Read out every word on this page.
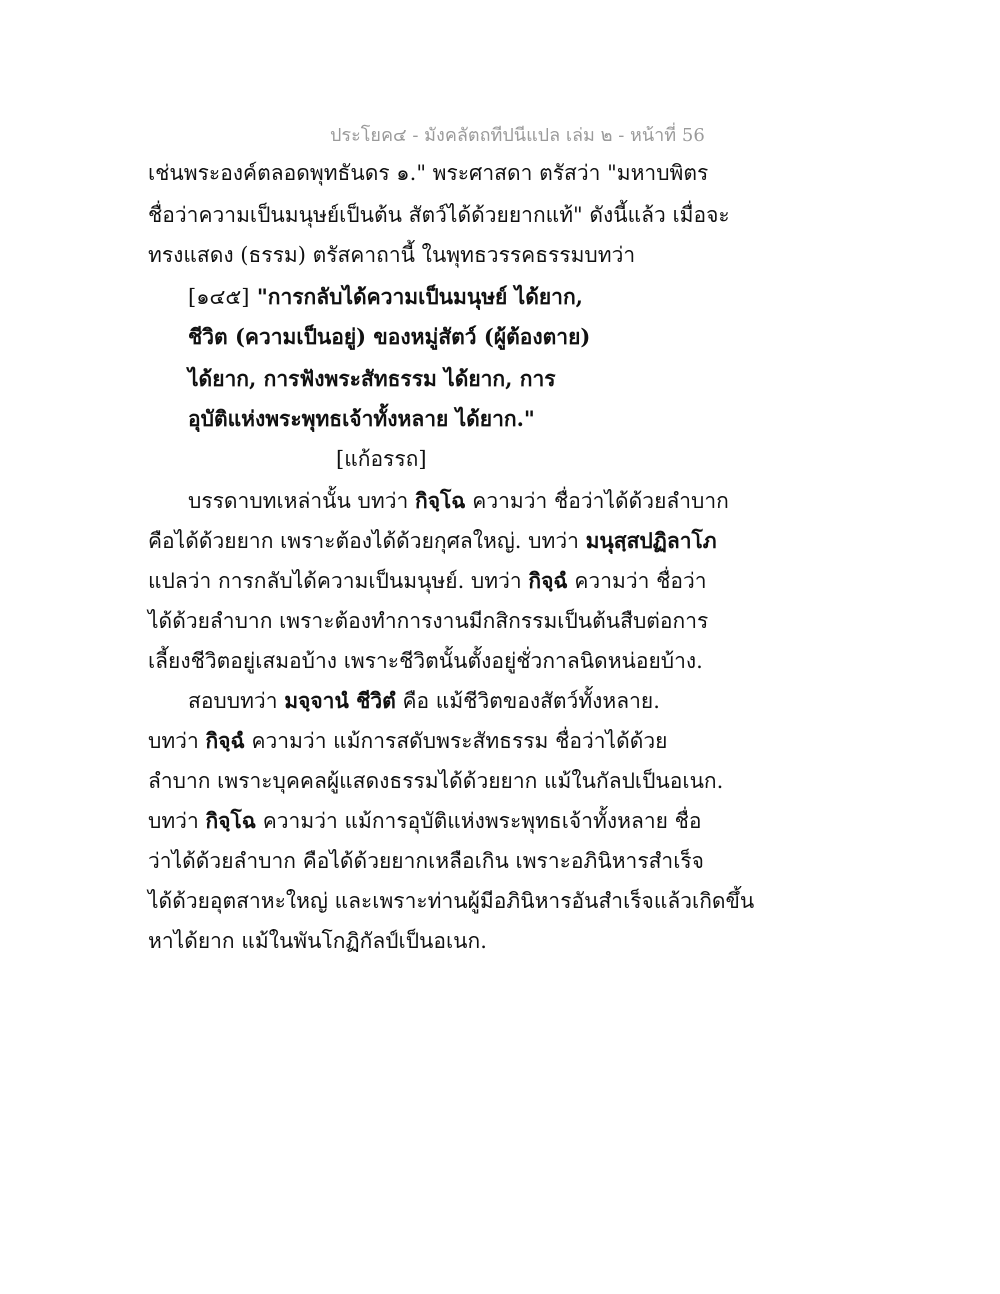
ประโยค๔ - มังคลัตถทีปนีแปล เล่ม ๒ - หน้าที่ 56
เช่นพระองค์ตลอดพุทธันดร ๑." พระศาสดา ตรัสว่า "มหาบพิตร
ชื่อว่าความเป็นมนุษย์เป็นต้น สัตว์ได้ด้วยยากแท้" ดังนี้แล้ว เมื่อจะ
ทรงแสดง (ธรรม) ตรัสคาถานี้ ในพุทธวรรคธรรมบทว่า
[๑๔๕] "การกลับได้ความเป็นมนุษย์ ได้ยาก,
ชีวิต (ความเป็นอยู่) ของหมู่สัตว์ (ผู้ต้องตาย)
ได้ยาก, การฟังพระสัทธรรม ได้ยาก, การ
อุบัติแห่งพระพุทธเจ้าทั้งหลาย ได้ยาก."
[แก้อรรถ]
บรรดาบทเหล่านั้น บทว่า กิจฺโฉ ความว่า ชื่อว่าได้ด้วยลำบาก
คือได้ด้วยยาก เพราะต้องได้ด้วยกุศลใหญ่. บทว่า มนุสฺสปฏิลาโภ
แปลว่า การกลับได้ความเป็นมนุษย์. บทว่า กิจฺฉํ ความว่า ชื่อว่า
ได้ด้วยลำบาก เพราะต้องทำการงานมีกสิกรรมเป็นต้นสืบต่อการ
เลี้ยงชีวิตอยู่เสมอบ้าง เพราะชีวิตนั้นตั้งอยู่ชั่วกาลนิดหน่อยบ้าง.
สอบบทว่า มจฺจานํ ชีวิตํ คือ แม้ชีวิตของสัตว์ทั้งหลาย.
บทว่า กิจฺฉํ ความว่า แม้การสดับพระสัทธรรม ชื่อว่าได้ด้วย
ลำบาก เพราะบุคคลผู้แสดงธรรมได้ด้วยยาก แม้ในกัลปเป็นอเนก.
บทว่า กิจฺโฉ ความว่า แม้การอุบัติแห่งพระพุทธเจ้าทั้งหลาย ชื่อ
ว่าได้ด้วยลำบาก คือได้ด้วยยากเหลือเกิน เพราะอภินิหารสำเร็จ
ได้ด้วยอุตสาหะใหญ่ และเพราะท่านผู้มีอภินิหารอันสำเร็จแล้วเกิดขึ้น
หาได้ยาก แม้ในพันโกฏิกัลป์เป็นอเนก.
